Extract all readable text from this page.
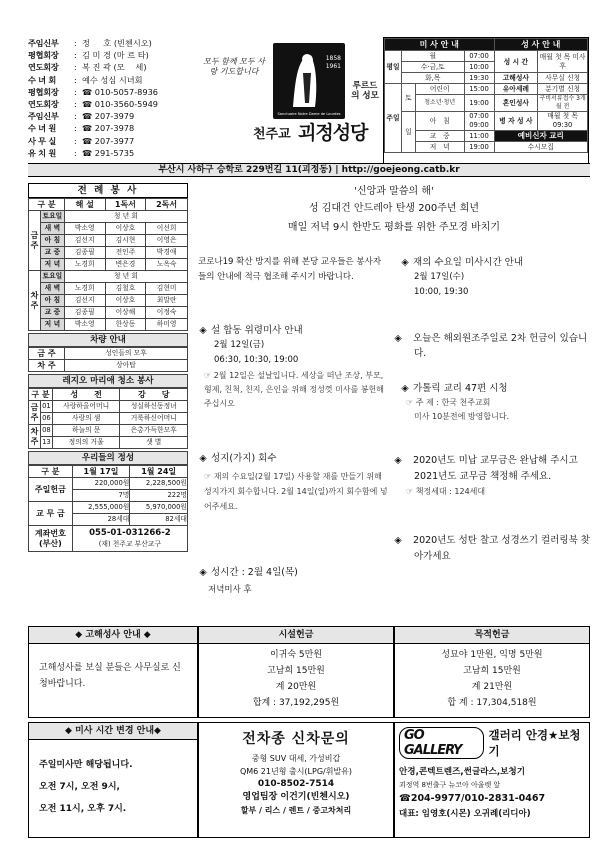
주임신부	: 정 　 호 (빈첸시오)
평협회장	: 김 미 경 (마 르 타)
연도회장	: 복 진 곽 (모　 세)
수 녀 회	: 예수 성심 시녀회
평협회장	: ☎ 010-5057-8936
연도회장	: ☎ 010-3560-5949
주임신부	: ☎ 207-3979
수 녀 원	: ☎ 207-3978
사 무 실	: ☎ 207-3977
유 치 원	: ☎ 291-5735
모두 함께 모두 사랑 기도합니다
1858
1961
Sanctuaire Notre Dame de Lourdes
루르드의 성모
천주교 괴정성당
미 사 안 내				성 사 안 내	
평일	월		07:00	성 시 간	매월 첫 목 미사 후
	수·금,토		10:00		
	화,목		19:30	고해성사	사무실 신청
주일	토	어린이	15:00	유아세례	분기별 신청
		청소년·청년	19:00	혼인성사	구비서류접수 3개월 전
	일	아　침	07:00 09:00	병 자 성 사	매월 첫 목 09:30

		교　중	11:00	예비신자 교리	
		저　녁	19:00	수시모집	
부산시 사하구 승학로 229번길 11(괴정동) | http://goejeong.catb.kr
전 례 봉 사
구 분		해 설	1독서	2독서
금주	토요일	청 년 회		
	새 벽	박소영	이상호	이선희
	아 침	김선지	김시현	이영은
	교 중	김종필	전인주	박경애
	저 녁	노경희	변은경	노옥숙
차주	토요일	청 년 회		
	새 벽	노경희	김철호	김현미
	아 침	김선지	이상호	최말란
	교 중	김종필	이상해	이정숙
	저 녁	박소영	한상동	하미영
차량 안내
금 주	성인들의 모후
차 주	상아탑
레지오 마리애 청소 봉사
구 분		성　　전	강　　당
금주	01	사랑하올어머니	성실하신동정녀
	06	사랑의 샘	거룩하신어머니
차주	08	하늘의 문	은총가득한모후
	13	정의의 거울	샛 별
우리들의 정성
구 분	1월 17일	1월 24일
주일헌금	220,000원	2,228,500원
	7명	222명
교 무 금	2,555,000원	5,970,000원
	28세대	82세대
계좌번호 (부산)	055-01-031266-2
(재) 천주교 부산교구	
'신앙과 말씀의 해'
성 김대건 안드레아 탄생 200주년 희년
매일 저녁 9시 한반도 평화를 위한 주모경 바치기
코로나19 확산 방지를 위해 본당 교우들은 봉사자들의 안내에 적극 협조해 주시기 바랍니다.
◈ 설 합동 위령미사 안내
2월 12일(금)
06:30, 10:30, 19:00
☞ 2월 12일은 설날입니다. 세상을 떠난 조상, 부모, 형제, 친척, 친지, 은인을 위해 정성껏 미사를 봉헌해 주십시오
◈ 성지(가지) 회수
☞ 재의 수요일(2월 17일) 사용할 재를 만들기 위해 성지가지 회수합니다. 2월 14일(일)까지 회수함에 넣어주세요.
◈ 성시간 : 2월 4일(목)
저녁미사 후
◈ 재의 수요일 미사시간 안내
2월 17일(수)
10:00, 19:30
◈ 오늘은 해외원조주일로 2차 헌금이 있습니다.
◈ 가톨릭 교리 47편 시청
☞ 주 제 : 한국 천주교회
미사 10분전에 방영합니다.
◈ 2020년도 미납 교무금은 완납해 주시고 2021년도 교무금 책정해 주세요.
☞ 책정세대 : 124세대
◈ 2020년도 성탄 찰고 성경쓰기 컬러링북 찾아가세요
◆ 고해성사 안내 ◆
고해성사를 보실 분들은 사무실로 신청바랍니다.
시설헌금
이귀숙 5만원
고남희 15만원
계 20만원
합계 : 37,192,295원
목적헌금
성묘야 1만원, 익명 5만원
고남희 15만원
계 21만원
합 계 : 17,304,518원
◆ 미사 시간 변경 안내◆
주일미사만 해당됩니다.
오전 7시, 오전 9시,
오전 11시, 오후 7시.
전차종 신차문의
중형 SUV 대세, 가성비갑
QM6 21년형 출시(LPG/휘발유)
010-8502-7514
영업팀장 이건기(빈첸시오)
할부 / 리스 / 렌트 / 중고차처리
GO GALLERY
갤러리 안경★보청기
안경,콘텍트렌즈,썬글라스,보청기
괴정역 8번출구 뉴코아 아울렛 앞
☎204-9977/010-2831-0467
대표: 임영호(시몬) 오귀례(리디아)
